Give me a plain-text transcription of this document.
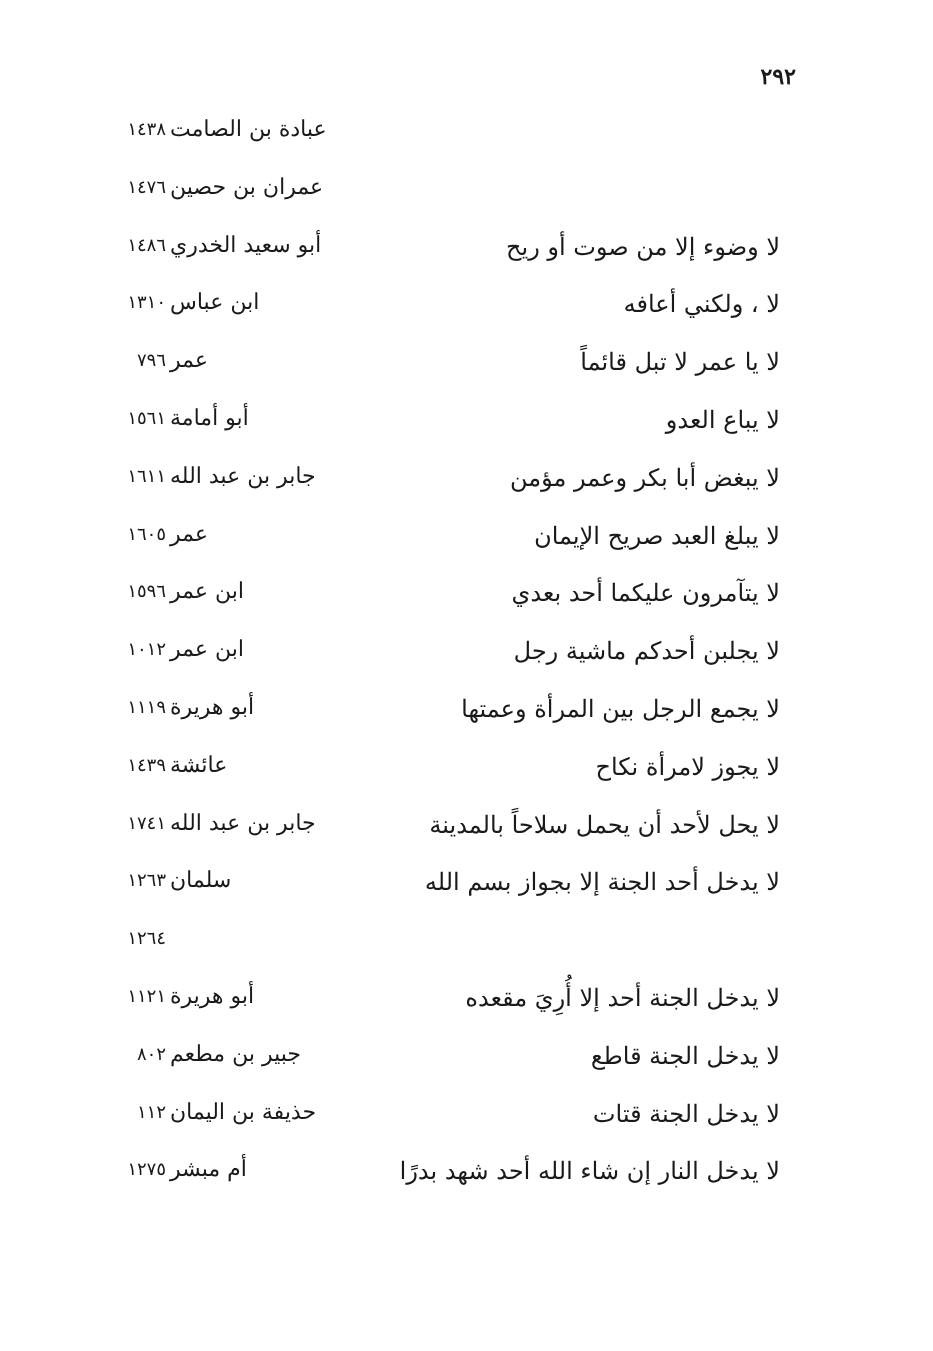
٢٩٢
عبادة بن الصامت
١٤٣٨
عمران بن حصين
١٤٧٦
لا وضوء إلا من صوت أو ريح
أبو سعيد الخدري
١٤٨٦
لا ، ولكني أعافه
ابن عباس
١٣١٠
لا يا عمر لا تبل قائماً
عمر
٧٩٦
لا يباع العدو
أبو أمامة
١٥٦١
لا يبغض أبا بكر وعمر مؤمن
جابر بن عبد الله
١٦١١
لا يبلغ العبد صريح الإيمان
عمر
١٦٠٥
لا يتآمرون عليكما أحد بعدي
ابن عمر
١٥٩٦
لا يجلبن أحدكم ماشية رجل
ابن عمر
١٠١٢
لا يجمع الرجل بين المرأة وعمتها
أبو هريرة
١١١٩
لا يجوز لامرأة نكاح
عائشة
١٤٣٩
لا يحل لأحد أن يحمل سلاحاً بالمدينة
جابر بن عبد الله
١٧٤١
لا يدخل أحد الجنة إلا بجواز بسم الله
سلمان
١٢٦٣
١٢٦٤
لا يدخل الجنة أحد إلا أُرِيَ مقعده
أبو هريرة
١١٢١
لا يدخل الجنة قاطع
جبير بن مطعم
٨٠٢
لا يدخل الجنة قتات
حذيفة بن اليمان
١١٢
لا يدخل النار إن شاء الله أحد شهد بدرًا
أم مبشر
١٢٧٥
